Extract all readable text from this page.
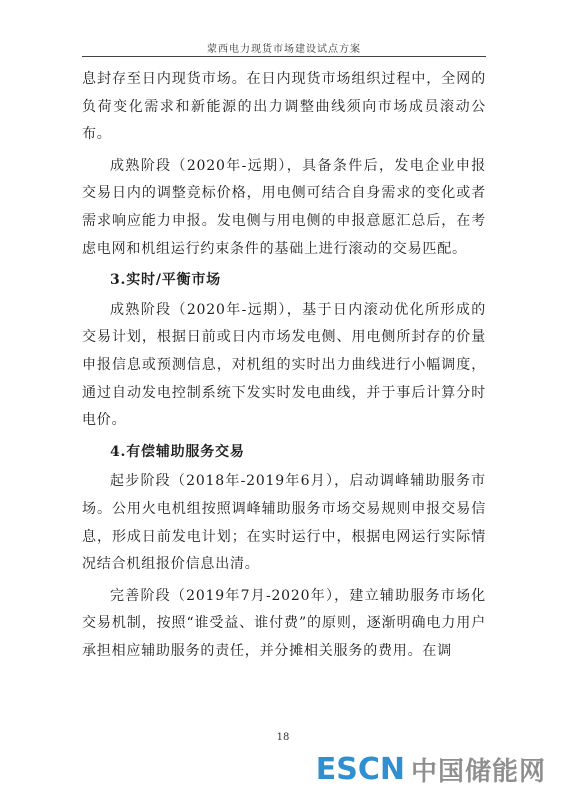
蒙西电力现货市场建设试点方案

息封存至日内现货市场。在日内现货市场组织过程中，全网的负荷变化需求和新能源的出力调整曲线须向市场成员滚动公布。

成熟阶段（2020年-远期），具备条件后，发电企业申报交易日内的调整竞标价格，用电侧可结合自身需求的变化或者需求响应能力申报。发电侧与用电侧的申报意愿汇总后，在考虑电网和机组运行约束条件的基础上进行滚动的交易匹配。

3.实时/平衡市场

成熟阶段（2020年-远期），基于日内滚动优化所形成的交易计划，根据日前或日内市场发电侧、用电侧所封存的价量申报信息或预测信息，对机组的实时出力曲线进行小幅调度，通过自动发电控制系统下发实时发电曲线，并于事后计算分时电价。

4.有偿辅助服务交易

起步阶段（2018年-2019年6月），启动调峰辅助服务市场。公用火电机组按照调峰辅助服务市场交易规则申报交易信息，形成日前发电计划；在实时运行中，根据电网运行实际情况结合机组报价信息出清。

完善阶段（2019年7月-2020年），建立辅助服务市场化交易机制，按照“谁受益、谁付费”的原则，逐渐明确电力用户承担相应辅助服务的责任，并分摊相关服务的费用。在调

18
ESCN 中国储能网
